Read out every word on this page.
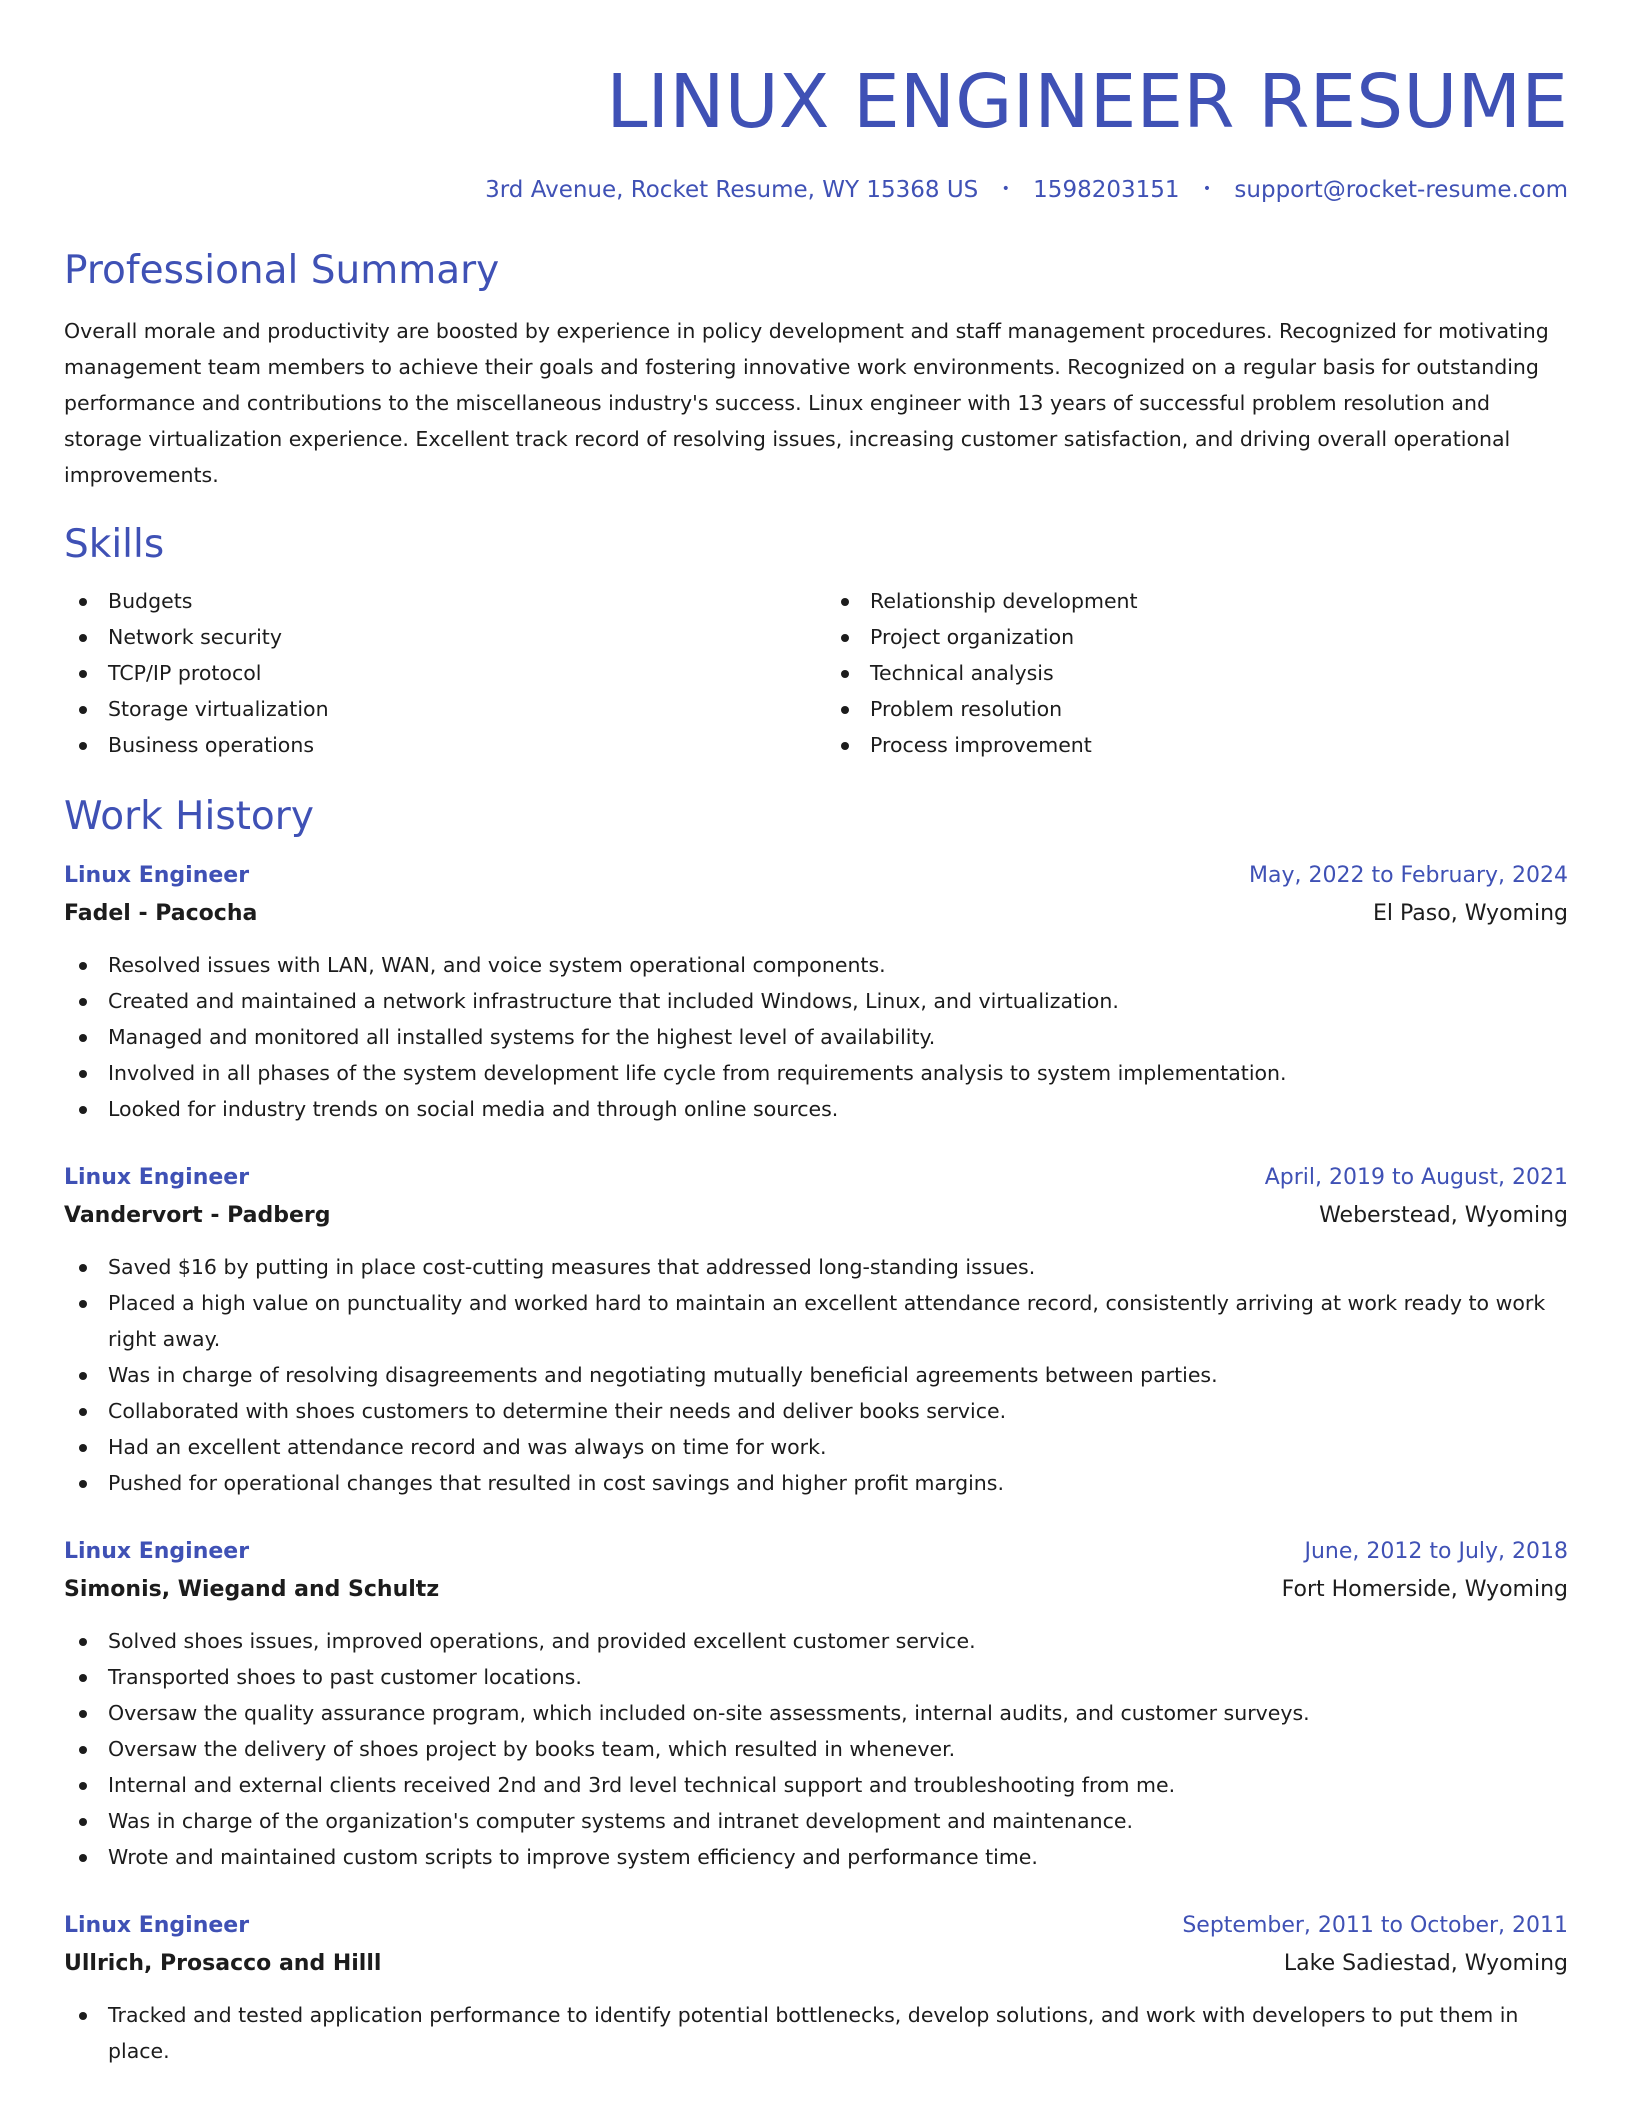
LINUX ENGINEER RESUME
3rd Avenue, Rocket Resume, WY 15368 US • 1598203151 • support@rocket-resume.com
Professional Summary
Overall morale and productivity are boosted by experience in policy development and staff management procedures. Recognized for motivating management team members to achieve their goals and fostering innovative work environments. Recognized on a regular basis for outstanding performance and contributions to the miscellaneous industry's success. Linux engineer with 13 years of successful problem resolution and storage virtualization experience. Excellent track record of resolving issues, increasing customer satisfaction, and driving overall operational improvements.
Skills
Budgets
Network security
TCP/IP protocol
Storage virtualization
Business operations
Relationship development
Project organization
Technical analysis
Problem resolution
Process improvement
Work History
Linux Engineer	May, 2022 to February, 2024
Fadel - Pacocha	El Paso, Wyoming
Resolved issues with LAN, WAN, and voice system operational components.
Created and maintained a network infrastructure that included Windows, Linux, and virtualization.
Managed and monitored all installed systems for the highest level of availability.
Involved in all phases of the system development life cycle from requirements analysis to system implementation.
Looked for industry trends on social media and through online sources.
Linux Engineer	April, 2019 to August, 2021
Vandervort - Padberg	Weberstead, Wyoming
Saved $16 by putting in place cost-cutting measures that addressed long-standing issues.
Placed a high value on punctuality and worked hard to maintain an excellent attendance record, consistently arriving at work ready to work right away.
Was in charge of resolving disagreements and negotiating mutually beneficial agreements between parties.
Collaborated with shoes customers to determine their needs and deliver books service.
Had an excellent attendance record and was always on time for work.
Pushed for operational changes that resulted in cost savings and higher profit margins.
Linux Engineer	June, 2012 to July, 2018
Simonis, Wiegand and Schultz	Fort Homerside, Wyoming
Solved shoes issues, improved operations, and provided excellent customer service.
Transported shoes to past customer locations.
Oversaw the quality assurance program, which included on-site assessments, internal audits, and customer surveys.
Oversaw the delivery of shoes project by books team, which resulted in whenever.
Internal and external clients received 2nd and 3rd level technical support and troubleshooting from me.
Was in charge of the organization's computer systems and intranet development and maintenance.
Wrote and maintained custom scripts to improve system efficiency and performance time.
Linux Engineer	September, 2011 to October, 2011
Ullrich, Prosacco and Hilll	Lake Sadiestad, Wyoming
Tracked and tested application performance to identify potential bottlenecks, develop solutions, and work with developers to put them in place.
